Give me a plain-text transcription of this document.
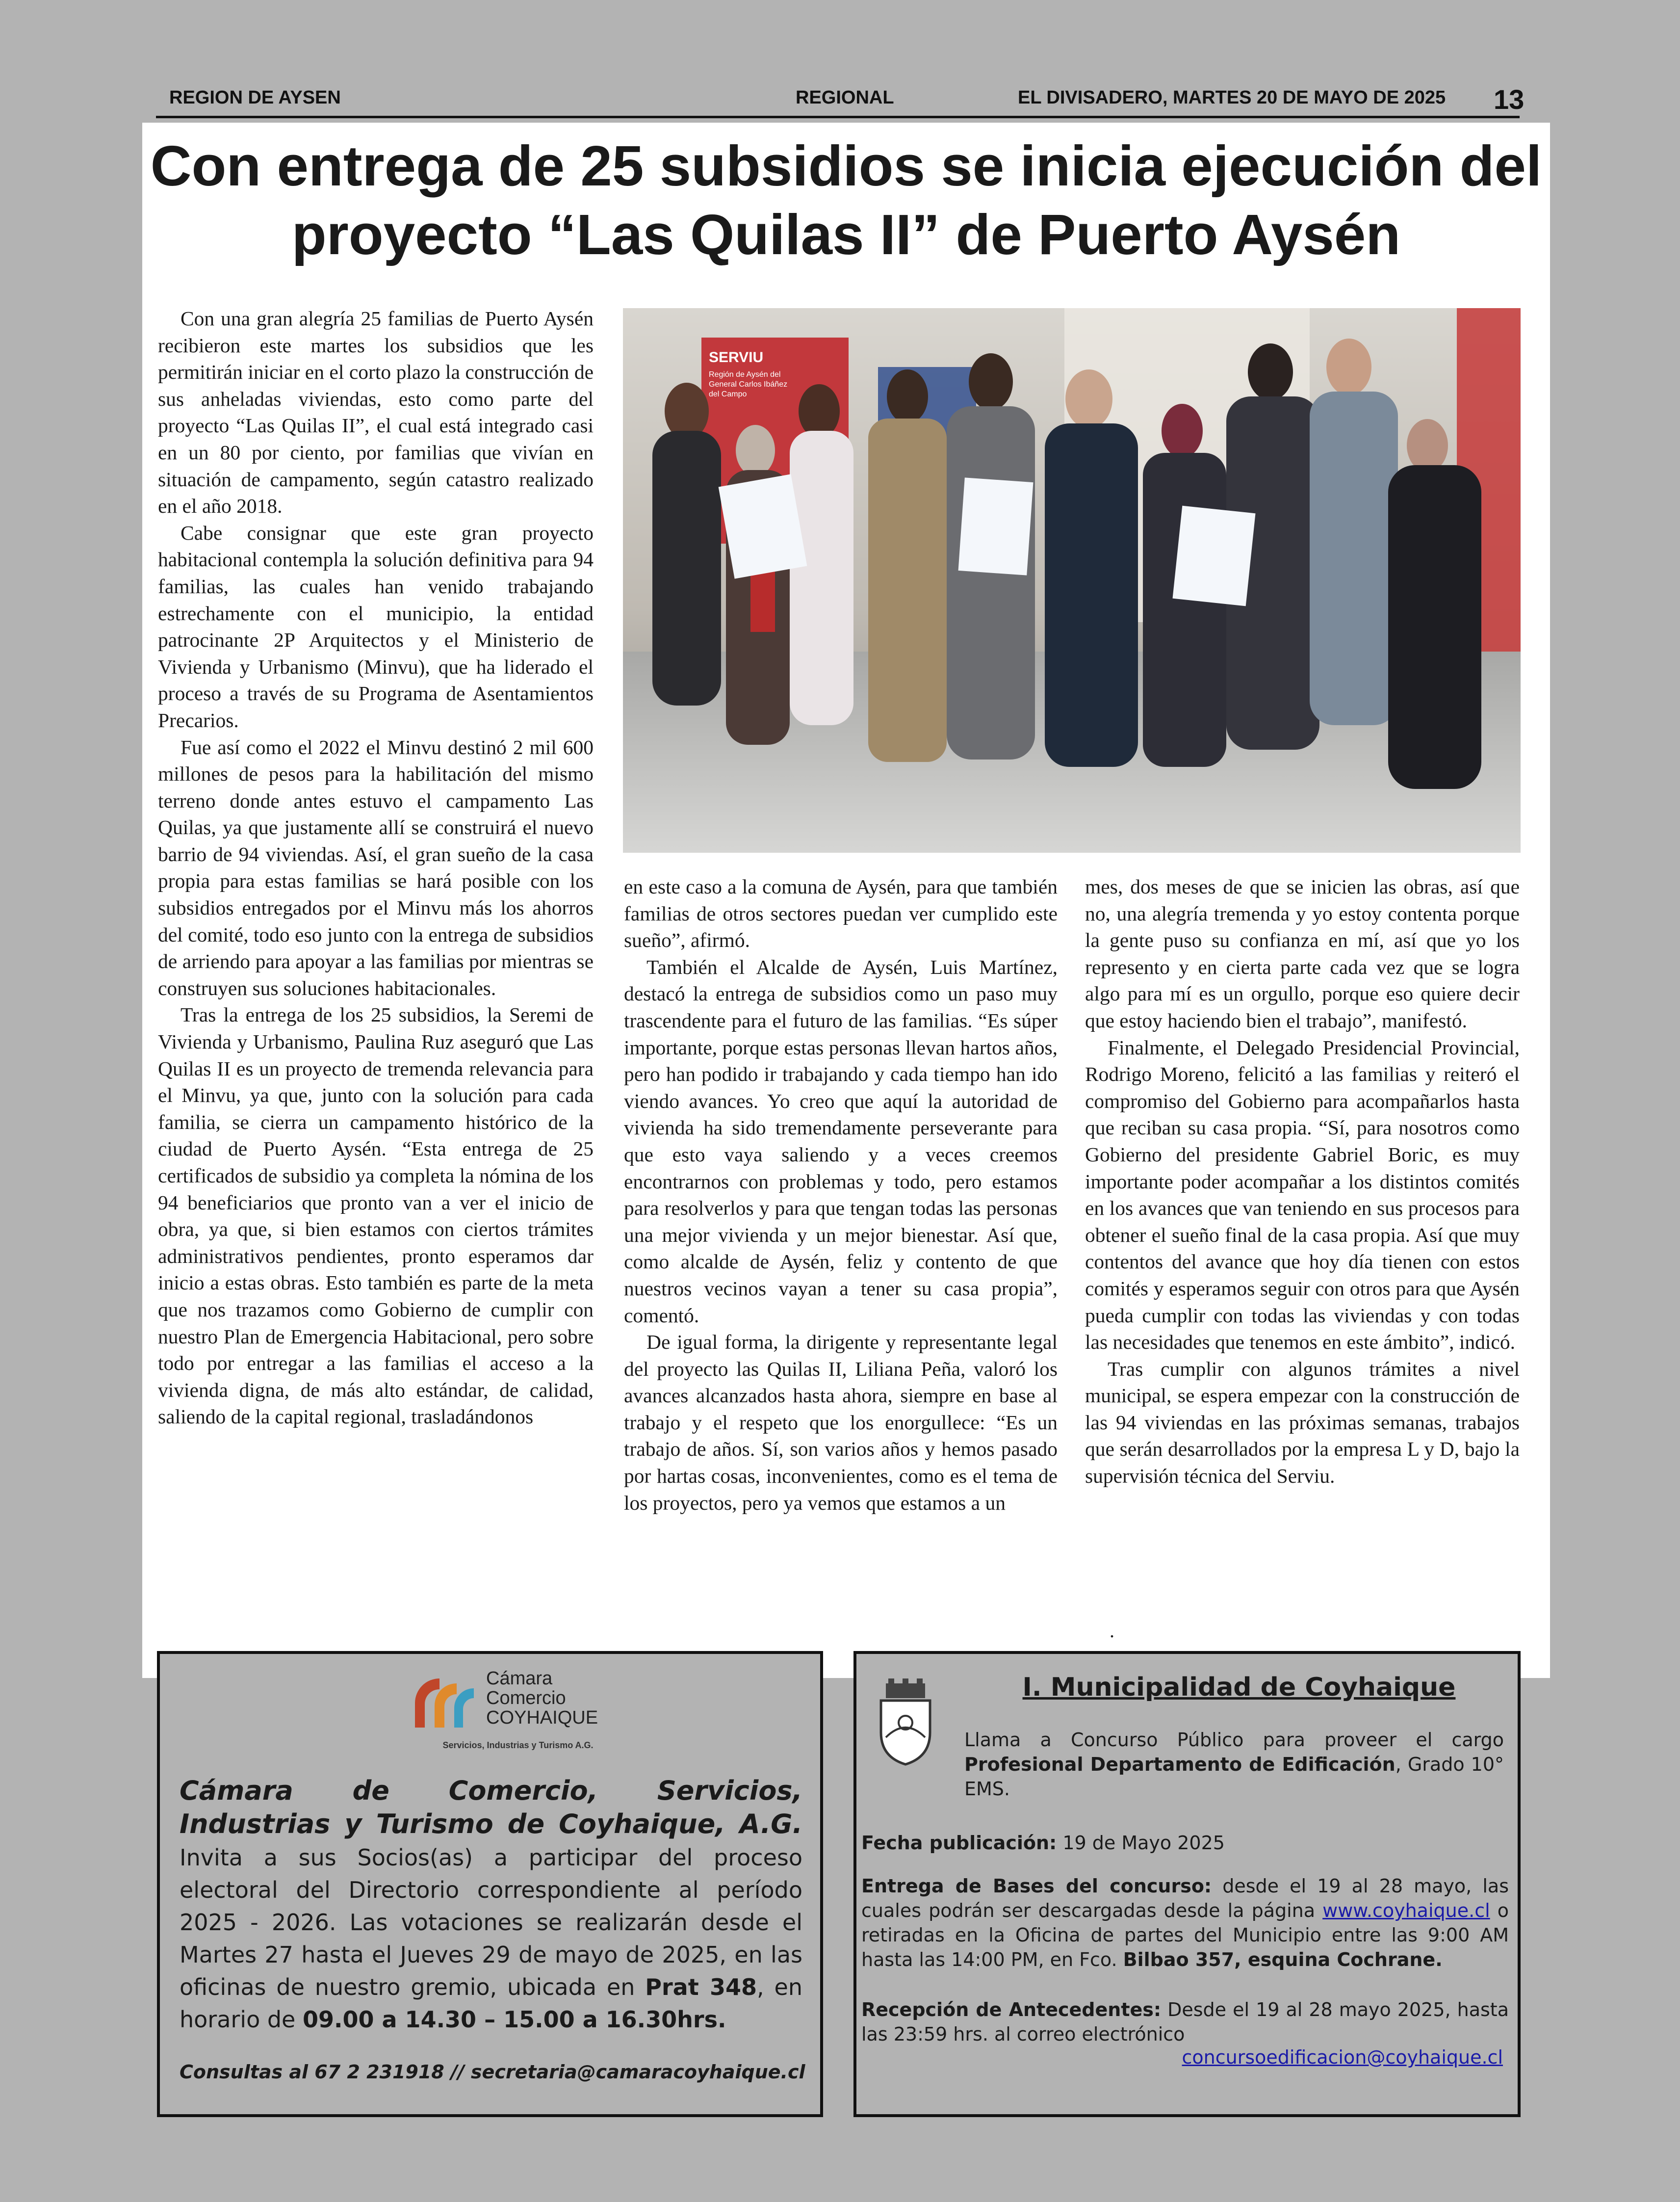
REGION DE AYSEN	REGIONAL	EL DIVISADERO, MARTES 20 DE MAYO DE 2025 13
Con entrega de 25 subsidios se inicia ejecución del
proyecto “Las Quilas II” de Puerto Aysén

Con una gran alegría 25 familias de Puerto Aysén recibieron este martes los subsidios que les permitirán iniciar en el corto plazo la construcción de sus anheladas viviendas, esto como parte del proyecto “Las Quilas II”, el cual está integrado casi en un 80 por ciento, por familias que vivían en situación de campamento, según catastro realizado en el año 2018.

Cabe consignar que este gran proyecto habitacional contempla la solución definitiva para 94 familias, las cuales han venido trabajando estrechamente con el municipio, la entidad patrocinante 2P Arquitectos y el Ministerio de Vivienda y Urbanismo (Minvu), que ha liderado el proceso a través de su Programa de Asentamientos Precarios.

Fue así como el 2022 el Minvu destinó 2 mil 600 millones de pesos para la habilitación del mismo terreno donde antes estuvo el campamento Las Quilas, ya que justamente allí se construirá el nuevo barrio de 94 viviendas. Así, el gran sueño de la casa propia para estas familias se hará posible con los subsidios entregados por el Minvu más los ahorros del comité, todo eso junto con la entrega de subsidios de arriendo para apoyar a las familias por mientras se construyen sus soluciones habitacionales.

Tras la entrega de los 25 subsidios, la Seremi de Vivienda y Urbanismo, Paulina Ruz aseguró que Las Quilas II es un proyecto de tremenda relevancia para el Minvu, ya que, junto con la solución para cada familia, se cierra un campamento histórico de la ciudad de Puerto Aysén. “Esta entrega de 25 certificados de subsidio ya completa la nómina de los 94 beneficiarios que pronto van a ver el inicio de obra, ya que, si bien estamos con ciertos trámites administrativos pendientes, pronto esperamos dar inicio a estas obras. Esto también es parte de la meta que nos trazamos como Gobierno de cumplir con nuestro Plan de Emergencia Habitacional, pero sobre todo por entregar a las familias el acceso a la vivienda digna, de más alto estándar, de calidad, saliendo de la capital regional, trasladándonos

SERVIU
Región de Aysén del
General Carlos Ibáñez
del Campo

en este caso a la comuna de Aysén, para que también familias de otros sectores puedan ver cumplido este sueño”, afirmó.

También el Alcalde de Aysén, Luis Martínez, destacó la entrega de subsidios como un paso muy trascendente para el futuro de las familias. “Es súper importante, porque estas personas llevan hartos años, pero han podido ir trabajando y cada tiempo han ido viendo avances. Yo creo que aquí la autoridad de vivienda ha sido tremendamente perseverante para que esto vaya saliendo y a veces creemos encontrarnos con problemas y todo, pero estamos para resolverlos y para que tengan todas las personas una mejor vivienda y un mejor bienestar. Así que, como alcalde de Aysén, feliz y contento de que nuestros vecinos vayan a tener su casa propia”, comentó.

De igual forma, la dirigente y representante legal del proyecto las Quilas II, Liliana Peña, valoró los avances alcanzados hasta ahora, siempre en base al trabajo y el respeto que los enorgullece: “Es un trabajo de años. Sí, son varios años y hemos pasado por hartas cosas, inconvenientes, como es el tema de los proyectos, pero ya vemos que estamos a un

mes, dos meses de que se inicien las obras, así que no, una alegría tremenda y yo estoy contenta porque la gente puso su confianza en mí, así que yo los represento y en cierta parte cada vez que se logra algo para mí es un orgullo, porque eso quiere decir que estoy haciendo bien el trabajo”, manifestó.

Finalmente, el Delegado Presidencial Provincial, Rodrigo Moreno, felicitó a las familias y reiteró el compromiso del Gobierno para acompañarlos hasta que reciban su casa propia. “Sí, para nosotros como Gobierno del presidente Gabriel Boric, es muy importante poder acompañar a los distintos comités en los avances que van teniendo en sus procesos para obtener el sueño final de la casa propia. Así que muy contentos del avance que hoy día tienen con estos comités y esperamos seguir con otros para que Aysén pueda cumplir con todas las viviendas y con todas las necesidades que tenemos en este ámbito”, indicó.

Tras cumplir con algunos trámites a nivel municipal, se espera empezar con la construcción de las 94 viviendas en las próximas semanas, trabajos que serán desarrollados por la empresa L y D, bajo la supervisión técnica del Serviu.

.
Cámara
Comercio
COYHAIQUE
Servicios, Industrias y Turismo A.G.
Cámara de Comercio, Servicios, Industrias y Turismo de Coyhaique, A.G. Invita a sus Socios(as) a participar del proceso electoral del Directorio correspondiente al período 2025 - 2026. Las votaciones se realizarán desde el Martes 27 hasta el Jueves 29 de mayo de 2025, en las oficinas de nuestro gremio, ubicada en Prat 348, en horario de 09.00 a 14.30 – 15.00 a 16.30hrs.
Consultas al 67 2 231918 // secretaria@camaracoyhaique.cl
I. Municipalidad de Coyhaique
Llama a Concurso Público para proveer el cargo Profesional Departamento de Edificación, Grado 10° EMS.
Fecha publicación: 19 de Mayo 2025
Entrega de Bases del concurso: desde el 19 al 28 mayo, las cuales podrán ser descargadas desde la página www.coyhaique.cl o retiradas en la Oficina de partes del Municipio entre las 9:00 AM hasta las 14:00 PM, en Fco. Bilbao 357, esquina Cochrane.
Recepción de Antecedentes: Desde el 19 al 28 mayo 2025, hasta las 23:59 hrs. al correo electrónico
concursoedificacion@coyhaique.cl
